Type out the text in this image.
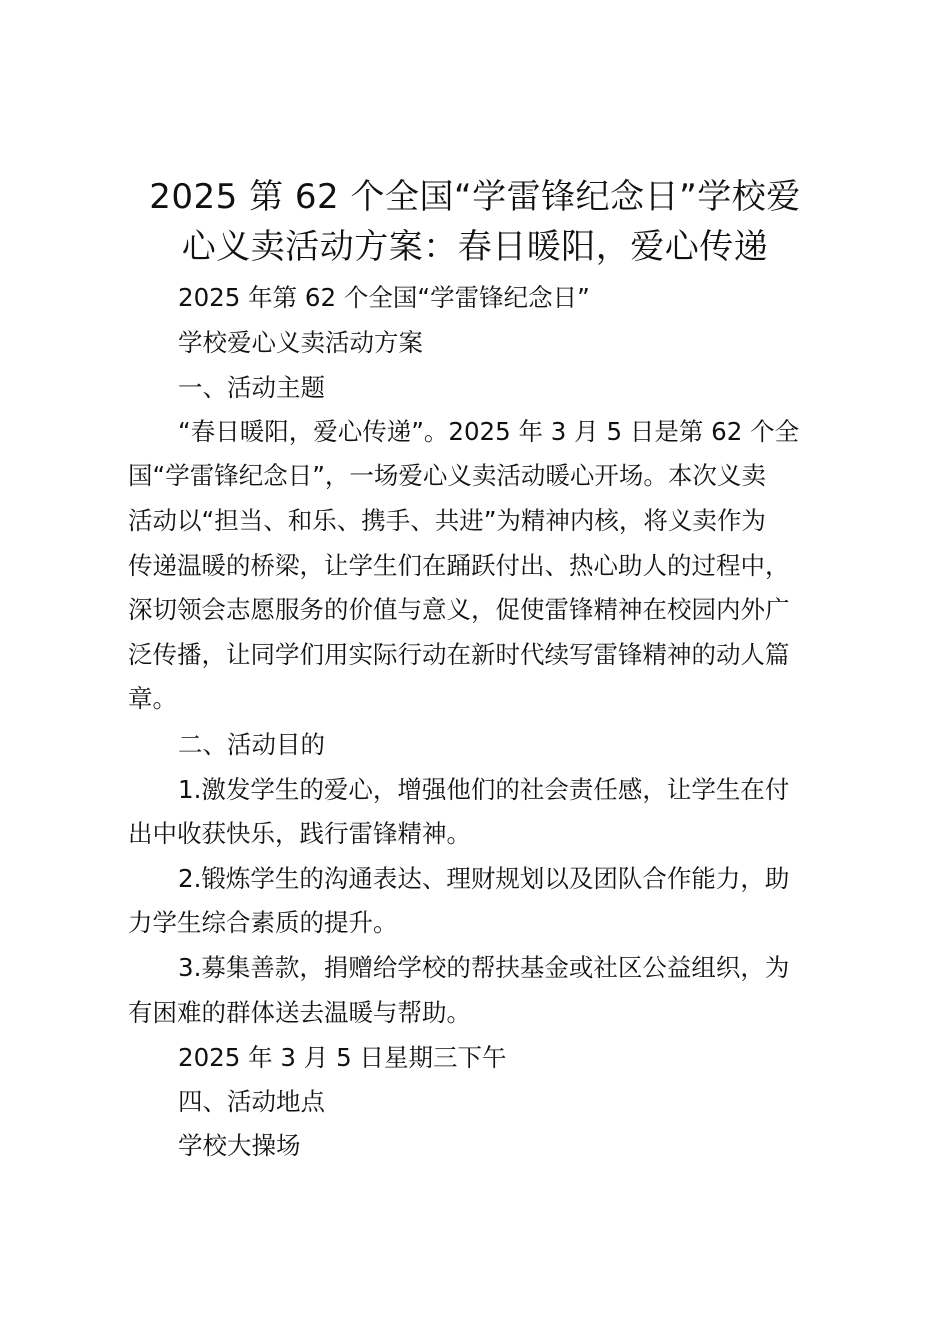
2025 第 62 个全国“学雷锋纪念日”学校爱
心义卖活动方案：春日暖阳，爱心传递

2025 年第 62 个全国“学雷锋纪念日”

学校爱心义卖活动方案

一、活动主题

“春日暖阳，爱心传递”。2025 年 3 月 5 日是第 62 个全

国“学雷锋纪念日”，一场爱心义卖活动暖心开场。本次义卖

活动以“担当、和乐、携手、共进”为精神内核，将义卖作为

传递温暖的桥梁，让学生们在踊跃付出、热心助人的过程中，

深切领会志愿服务的价值与意义，促使雷锋精神在校园内外广

泛传播，让同学们用实际行动在新时代续写雷锋精神的动人篇

章。

二、活动目的

1.激发学生的爱心，增强他们的社会责任感，让学生在付

出中收获快乐，践行雷锋精神。

2.锻炼学生的沟通表达、理财规划以及团队合作能力，助

力学生综合素质的提升。

3.募集善款，捐赠给学校的帮扶基金或社区公益组织，为

有困难的群体送去温暖与帮助。

2025 年 3 月 5 日星期三下午

四、活动地点

学校大操场
